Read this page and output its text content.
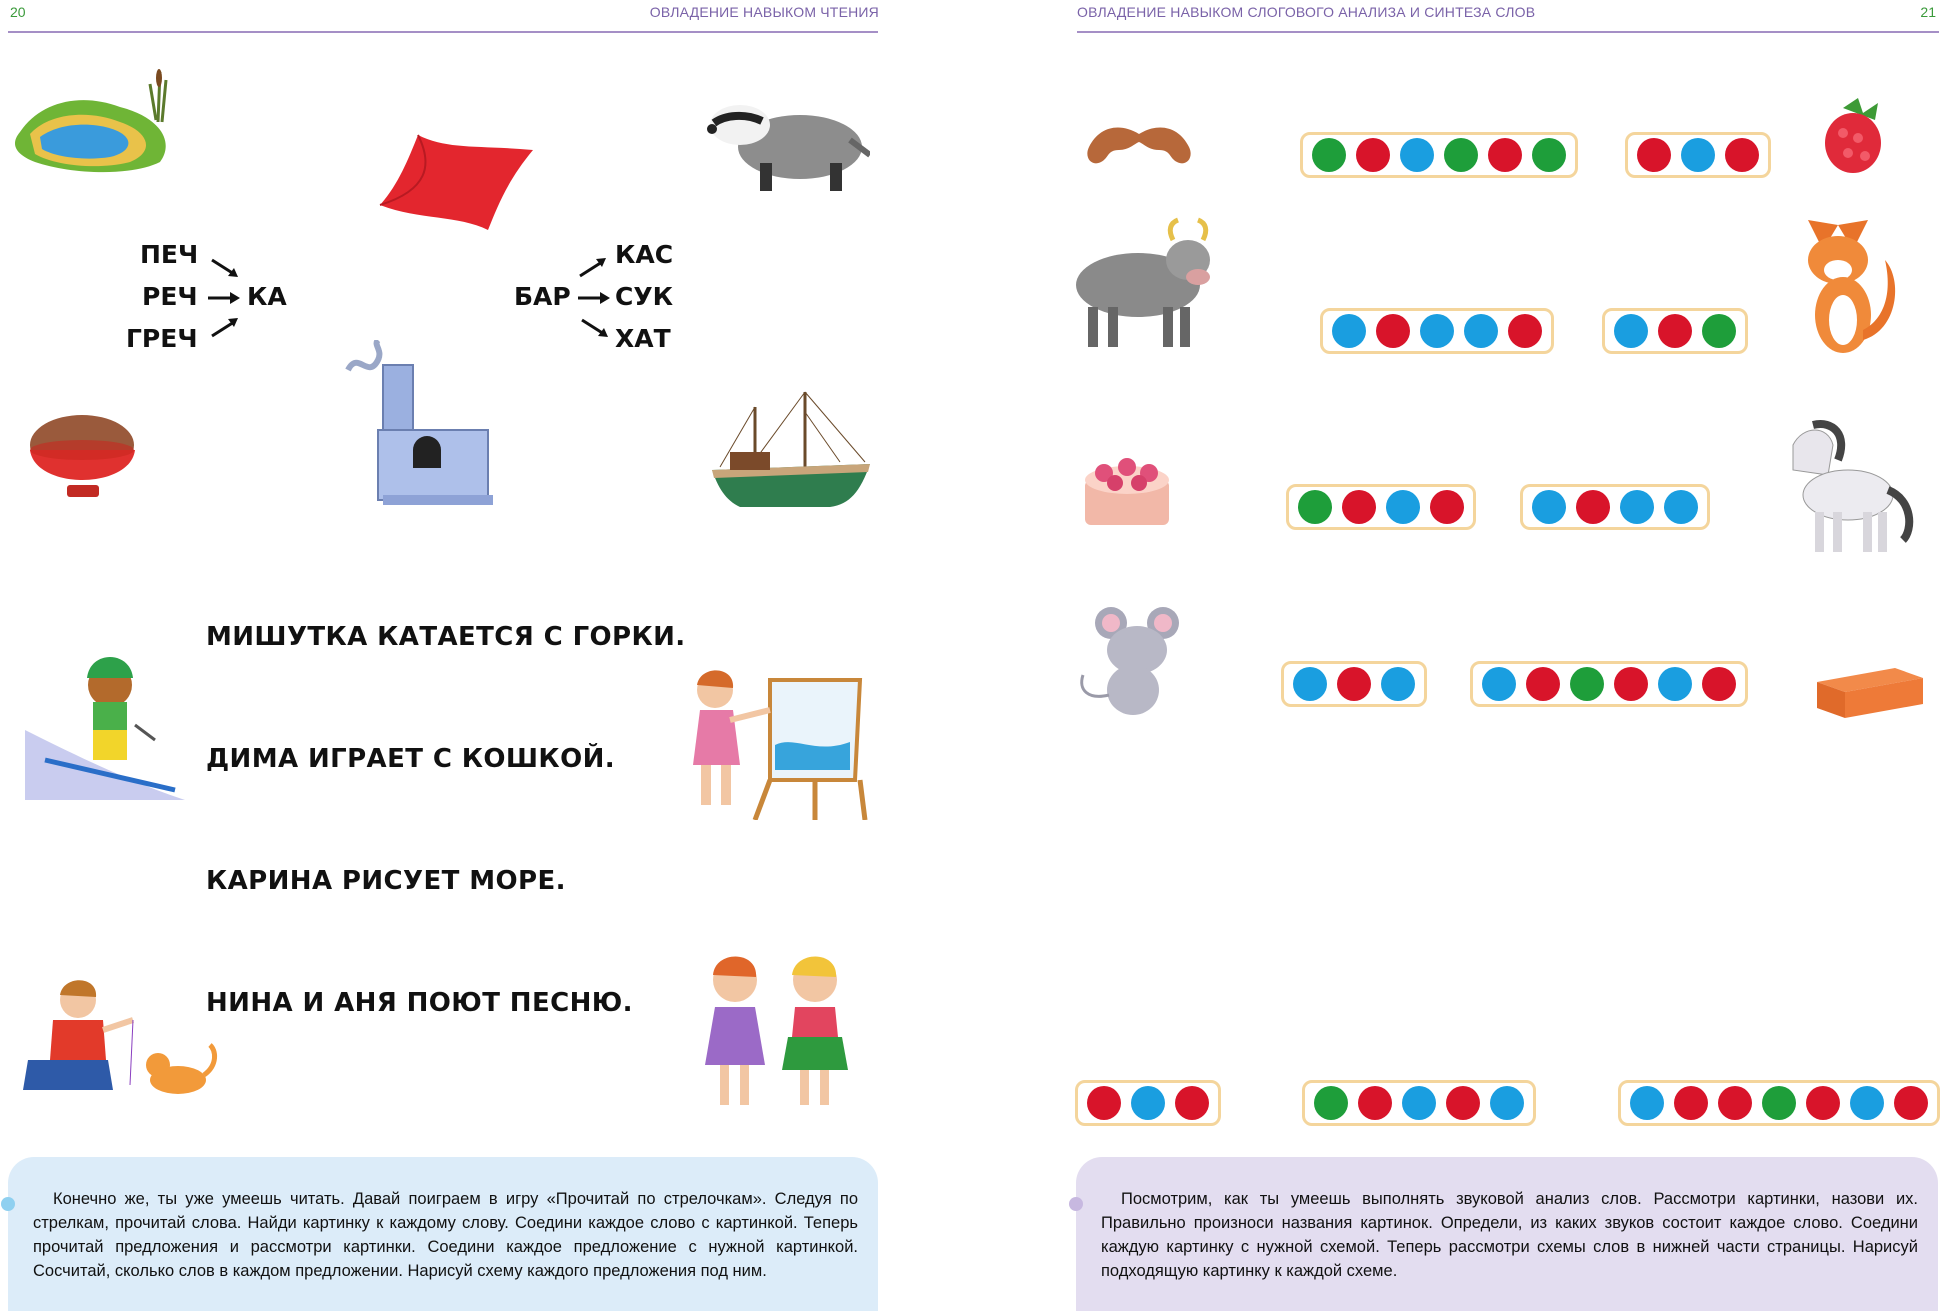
20	ОВЛАДЕНИЕ НАВЫКОМ ЧТЕНИЯ
ПЕЧ
РЕЧ
ГРЕЧ
КА	БАР
КАС
СУК
ХАТ
МИШУТКА КАТАЕТСЯ С ГОРКИ.
ДИМА ИГРАЕТ С КОШКОЙ.
КАРИНА РИСУЕТ МОРЕ.
НИНА И АНЯ ПОЮТ ПЕСНЮ.

Конечно же, ты уже умеешь читать. Давай поиграем в игру «Прочитай по стрелочкам». Следуя по стрелкам, прочитай слова. Найди картинку к каждому слову. Соедини каждое слово с картинкой. Теперь прочитай предложения и рассмотри картинки. Соедини каждое предложение с нужной картинкой. Сосчитай, сколько слов в каждом предложении. Нарисуй схему каждого предложения под ним.

ОВЛАДЕНИЕ НАВЫКОМ СЛОГОВОГО АНАЛИЗА И СИНТЕЗА СЛОВ	21

Посмотрим, как ты умеешь выполнять звуковой анализ слов. Рассмотри картинки, назови их. Правильно произноси названия картинок. Определи, из каких звуков состоит каждое слово. Соедини каждую картинку с нужной схемой. Теперь рассмотри схемы слов в нижней части страницы. Нарисуй подходящую картинку к каждой схеме.
